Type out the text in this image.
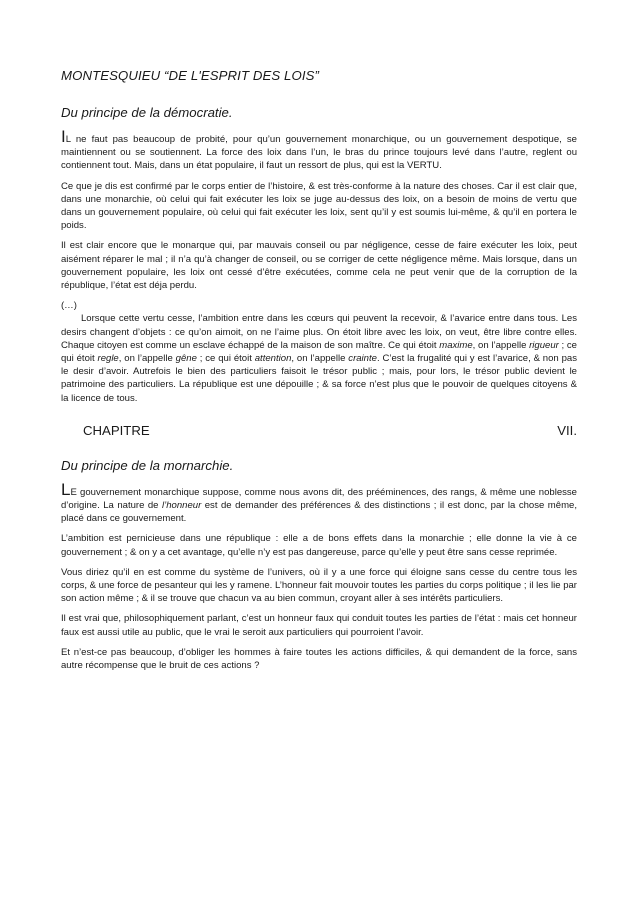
MONTESQUIEU “DE L'ESPRIT DES LOIS”
Du principe de la démocratie.

IL ne faut pas beaucoup de probité, pour qu’un gouvernement monarchique, ou un gouvernement despotique, se maintiennent ou se soutiennent. La force des loix dans l’un, le bras du prince toujours levé dans l’autre, reglent ou contiennent tout. Mais, dans un état populaire, il faut un ressort de plus, qui est la VERTU.

Ce que je dis est confirmé par le corps entier de l’histoire, & est très-conforme à la nature des choses. Car il est clair que, dans une monarchie, où celui qui fait exécuter les loix se juge au-dessus des loix, on a besoin de moins de vertu que dans un gouvernement populaire, où celui qui fait exécuter les loix, sent qu’il y est soumis lui-même, & qu’il en portera le poids.

Il est clair encore que le monarque qui, par mauvais conseil ou par négligence, cesse de faire exécuter les loix, peut aisément réparer le mal ; il n’a qu’à changer de conseil, ou se corriger de cette négligence même. Mais lorsque, dans un gouvernement populaire, les loix ont cessé d’être exécutées, comme cela ne peut venir que de la corruption de la république, l’état est déja perdu.

(…)

Lorsque cette vertu cesse, l’ambition entre dans les cœurs qui peuvent la recevoir, & l’avarice entre dans tous. Les desirs changent d’objets : ce qu’on aimoit, on ne l’aime plus. On étoit libre avec les loix, on veut, être libre contre elles. Chaque citoyen est comme un esclave échappé de la maison de son maître. Ce qui étoit maxime, on l’appelle rigueur ; ce qui étoit regle, on l’appelle gêne ; ce qui étoit attention, on l’appelle crainte. C’est la frugalité qui y est l’avarice, & non pas le desir d’avoir. Autrefois le bien des particuliers faisoit le trésor public ; mais, pour lors, le trésor public devient le patrimoine des particuliers. La république est une dépouille ; & sa force n’est plus que le pouvoir de quelques citoyens & la licence de tous.

CHAPITRE	VII.
Du principe de la mornarchie.

LE gouvernement monarchique suppose, comme nous avons dit, des prééminences, des rangs, & même une noblesse d’origine. La nature de l’honneur est de demander des préférences & des distinctions ; il est donc, par la chose même, placé dans ce gouvernement.

L’ambition est pernicieuse dans une république : elle a de bons effets dans la monarchie ; elle donne la vie à ce gouvernement ; & on y a cet avantage, qu’elle n’y est pas dangereuse, parce qu’elle y peut être sans cesse reprimée.

Vous diriez qu’il en est comme du système de l’univers, où il y a une force qui éloigne sans cesse du centre tous les corps, & une force de pesanteur qui les y ramene. L’honneur fait mouvoir toutes les parties du corps politique ; il les lie par son action même ; & il se trouve que chacun va au bien commun, croyant aller à ses intérêts particuliers.

Il est vrai que, philosophiquement parlant, c’est un honneur faux qui conduit toutes les parties de l’état : mais cet honneur faux est aussi utile au public, que le vrai le seroit aux particuliers qui pourroient l’avoir.

Et n’est-ce pas beaucoup, d’obliger les hommes à faire toutes les actions difficiles, & qui demandent de la force, sans autre récompense que le bruit de ces actions ?
